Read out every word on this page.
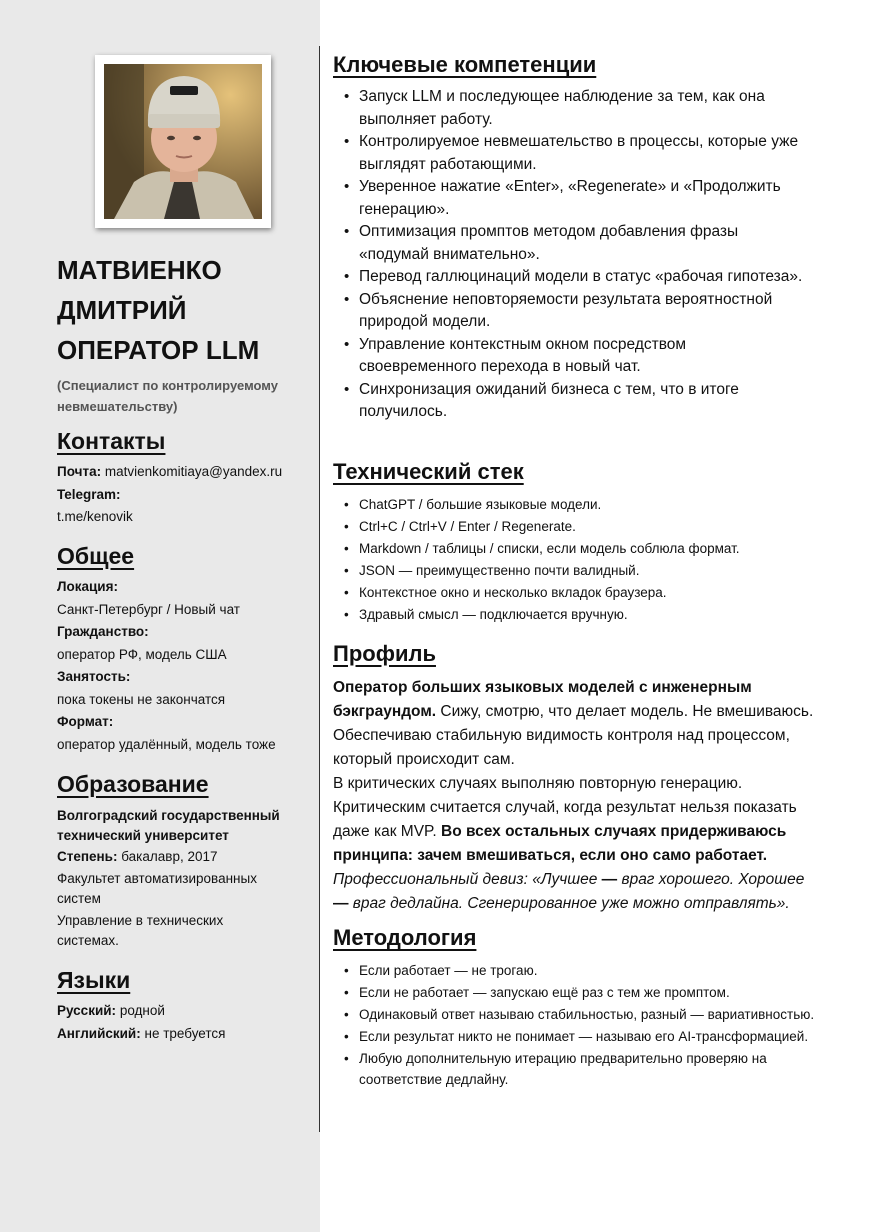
МАТВИЕНКО
ДМИТРИЙ
ОПЕРАТОР LLM
(Специалист по контролируемому невмешательству)
Контакты
Почта: matvienkomitiaya@yandex.ru
Telegram:
t.me/kenovik
Общее
Локация:
Санкт-Петербург / Новый чат
Гражданство:
оператор РФ, модель США
Занятость:
пока токены не закончатся
Формат:
оператор удалённый, модель тоже
Образование
Волгоградский государственный технический университет
Степень: бакалавр, 2017
Факультет автоматизированных систем
Управление в технических системах.
Языки
Русский: родной
Английский: не требуется
Ключевые компетенции
• Запуск LLM и последующее наблюдение за тем, как она выполняет работу.
• Контролируемое невмешательство в процессы, которые уже выглядят работающими.
• Уверенное нажатие «Enter», «Regenerate» и «Продолжить генерацию».
• Оптимизация промптов методом добавления фразы «подумай внимательно».
• Перевод галлюцинаций модели в статус «рабочая гипотеза».
• Объяснение неповторяемости результата вероятностной природой модели.
• Управление контекстным окном посредством своевременного перехода в новый чат.
• Синхронизация ожиданий бизнеса с тем, что в итоге получилось.
Технический стек
• ChatGPT / большие языковые модели.
• Ctrl+C / Ctrl+V / Enter / Regenerate.
• Markdown / таблицы / списки, если модель соблюла формат.
• JSON — преимущественно почти валидный.
• Контекстное окно и несколько вкладок браузера.
• Здравый смысл — подключается вручную.
Профиль
Оператор больших языковых моделей с инженерным бэкграундом. Сижу, смотрю, что делает модель. Не вмешиваюсь. Обеспечиваю стабильную видимость контроля над процессом, который происходит сам.
В критических случаях выполняю повторную генерацию. Критическим считается случай, когда результат нельзя показать даже как MVP. Во всех остальных случаях придерживаюсь принципа: зачем вмешиваться, если оно само работает.
Профессиональный девиз: «Лучшее — враг хорошего. Хорошее — враг дедлайна. Сгенерированное уже можно отправлять».
Методология
• Если работает — не трогаю.
• Если не работает — запускаю ещё раз с тем же промптом.
• Одинаковый ответ называю стабильностью, разный — вариативностью.
• Если результат никто не понимает — называю его AI-трансформацией.
• Любую дополнительную итерацию предварительно проверяю на соответствие дедлайну.
